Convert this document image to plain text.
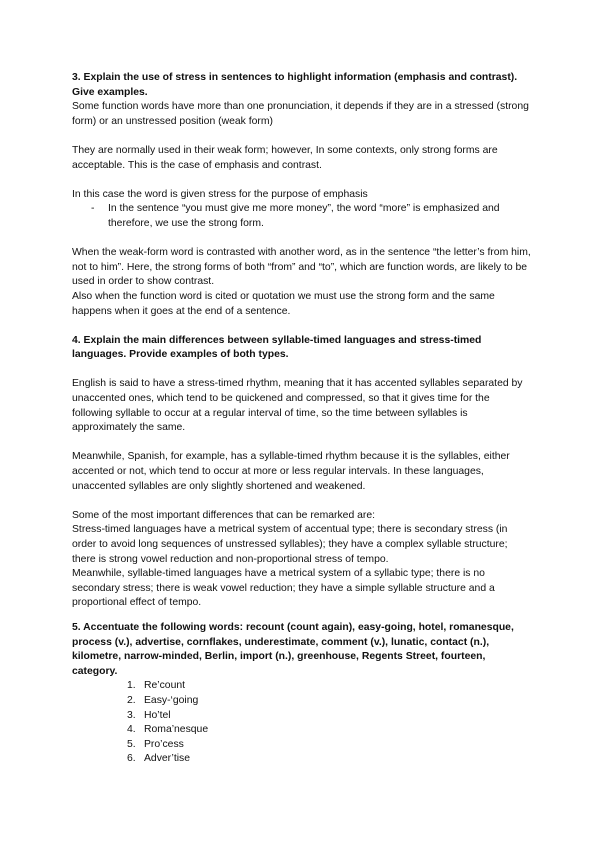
3. Explain the use of stress in sentences to highlight information (emphasis and contrast). Give examples.

Some function words have more than one pronunciation, it depends if they are in a stressed (strong form) or an unstressed position (weak form)

They are normally used in their weak form; however, In some contexts, only strong forms are acceptable. This is the case of emphasis and contrast.

In this case the word is given stress for the purpose of emphasis

- In the sentence “you must give me more money”, the word “more” is emphasized and therefore, we use the strong form.

When the weak-form word is contrasted with another word, as in the sentence “the letter’s from him, not to him”. Here, the strong forms of both “from” and “to”, which are function words, are likely to be used in order to show contrast.

Also when the function word is cited or quotation we must use the strong form and the same happens when it goes at the end of a sentence.

4. Explain the main differences between syllable-timed languages and stress-timed languages. Provide examples of both types.

English is said to have a stress-timed rhythm, meaning that it has accented syllables separated by unaccented ones, which tend to be quickened and compressed, so that it gives time for the following syllable to occur at a regular interval of time, so the time between syllables is approximately the same.

Meanwhile, Spanish, for example, has a syllable-timed rhythm because it is the syllables, either accented or not, which tend to occur at more or less regular intervals. In these languages, unaccented syllables are only slightly shortened and weakened.

Some of the most important differences that can be remarked are:

Stress-timed languages have a metrical system of accentual type; there is secondary stress (in order to avoid long sequences of unstressed syllables); they have a complex syllable structure; there is strong vowel reduction and non-proportional stress of tempo.

Meanwhile, syllable-timed languages have a metrical system of a syllabic type; there is no secondary stress; there is weak vowel reduction; they have a simple syllable structure and a proportional effect of tempo.

5. Accentuate the following words: recount (count again), easy-going, hotel, romanesque, process (v.), advertise, cornflakes, underestimate, comment (v.), lunatic, contact (n.), kilometre, narrow-minded, Berlin, import (n.), greenhouse, Regents Street, fourteen, category.

1. Re’count
2. Easy-‘going
3. Ho’tel
4. Roma’nesque
5. Pro’cess
6. Adver’tise
